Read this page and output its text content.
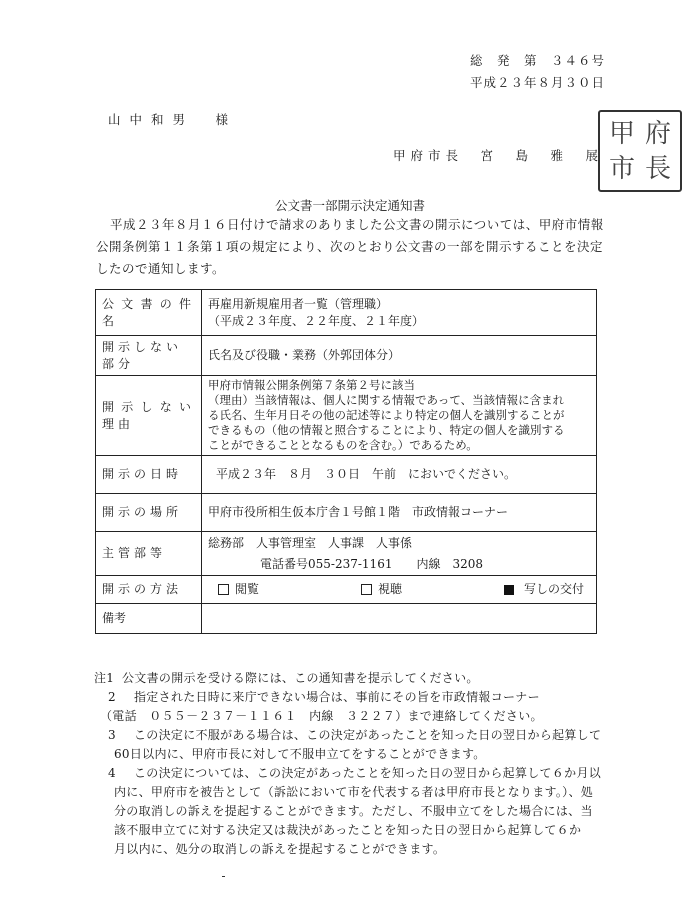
総　発　第　３４６号
平成２３年８月３０日
山中和男　様
甲府市長　宮　島　雅　展
甲 府
市 長
公文書一部開示決定通知書
平成２３年８月１６日付けで請求のありました公文書の開示については、甲府市情報公開条例第１１条第１項の規定により、次のとおり公文書の一部を開示することを決定したので通知します。
公文書の件名	再雇用新規雇用者一覧（管理職）
（平成２３年度、２２年度、２１年度）

開示しない
部分	氏名及び役職・業務（外郭団体分）
開示しない理由	甲府市情報公開条例第７条第２号に該当
（理由）当該情報は、個人に関する情報であって、当該情報に含まれ
る氏名、生年月日その他の記述等により特定の個人を識別することが
できるもの（他の情報と照合することにより、特定の個人を識別する
ことができることとなるものを含む。）であるため。

開示の日時	平成２３年　８月　３０日　午前　においでください。

開示の場所	甲府市役所相生仮本庁舎１号館１階　市政情報コーナー

主管部等	総務部　人事管理室　人事課　人事係
電話番号055-237-1161　　内線　3208

開示の方法	閲覧 視聴 写しの交付

備考	

注1 公文書の開示を受ける際には、この通知書を提示してください。
2 指定された日時に来庁できない場合は、事前にその旨を市政情報コーナー
（電話　０５５－２３７－１１６１　内線　３２２７）まで連絡してください。
3 この決定に不服がある場合は、この決定があったことを知った日の翌日から起算して
60日以内に、甲府市長に対して不服申立てをすることができます。
4 この決定については、この決定があったことを知った日の翌日から起算して６か月以
内に、甲府市を被告として（訴訟において市を代表する者は甲府市長となります。）、処
分の取消しの訴えを提起することができます。ただし、不服申立てをした場合には、当
該不服申立てに対する決定又は裁決があったことを知った日の翌日から起算して６か
月以内に、処分の取消しの訴えを提起することができます。
